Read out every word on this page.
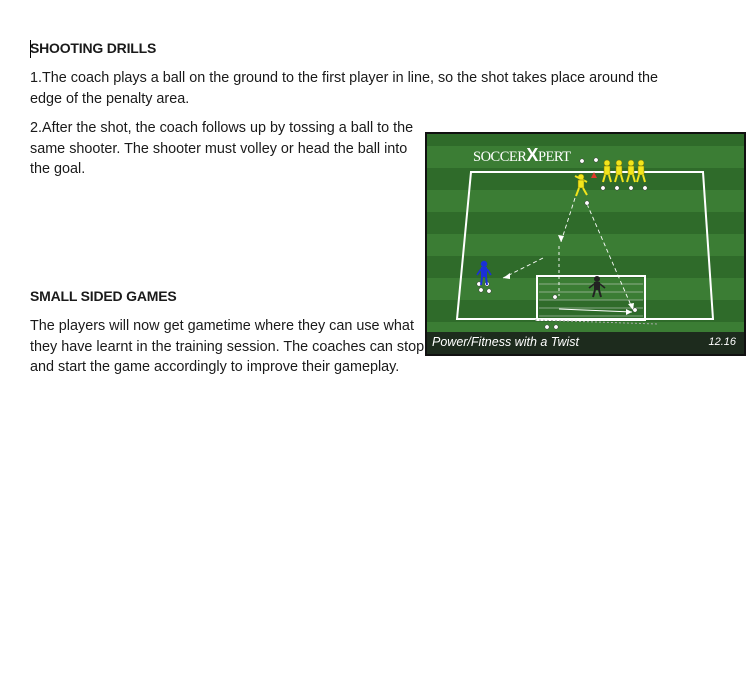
SHOOTING DRILLS

1.The coach plays a ball on the ground to the first player in line, so the shot takes place around the
edge of the penalty area.

2.After the shot, the coach follows up by tossing a ball to the
same shooter. The shooter must volley or head the ball into
the goal.

SMALL SIDED GAMES

The players will now get gametime where they can use what
they have learnt in the training session. The coaches can stop
and start the game accordingly to improve their gameplay.

SOCCERXPERT
Power/Fitness with a Twist	12.16
